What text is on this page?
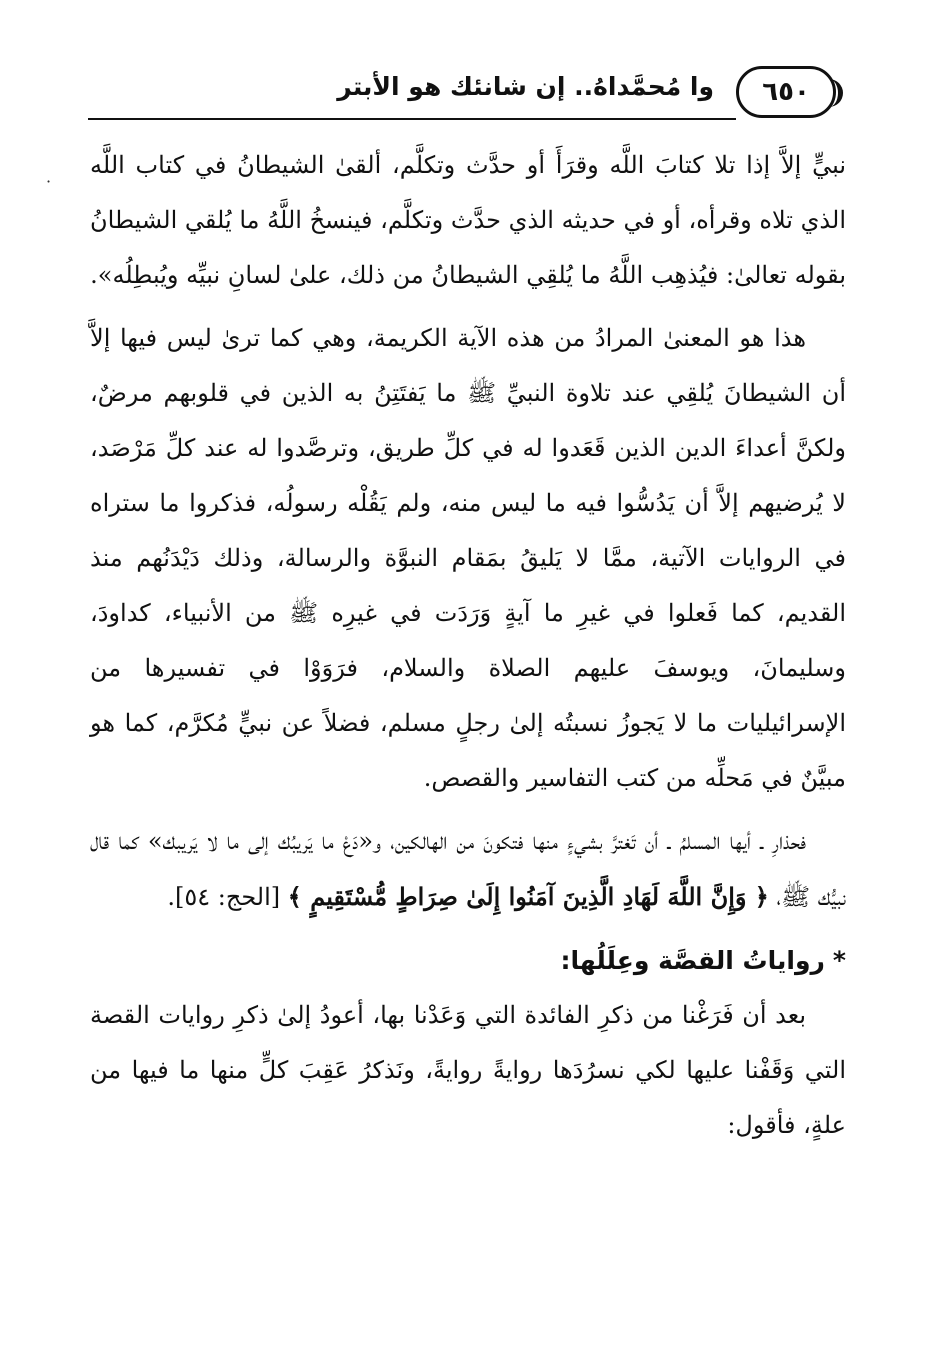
٦٥٠
وا مُحمَّداهُ.. إن شانئك هو الأبتر
·

نبيٍّ إلاَّ إذا تلا كتابَ اللَّه وقرَأَ أو حدَّث وتكلَّم، ألقىٰ الشيطانُ في كتاب اللَّه الذي تلاه وقرأه، أو في حديثه الذي حدَّث وتكلَّم، فينسخُ اللَّهُ ما يُلقي الشيطانُ بقوله تعالىٰ: فيُذهِب اللَّهُ ما يُلقِي الشيطانُ من ذلك، علىٰ لسانِ نبيِّه ويُبطِلُه».

هذا هو المعنىٰ المرادُ من هذه الآية الكريمة، وهي كما ترىٰ ليس فيها إلاَّ أن الشيطانَ يُلقِي عند تلاوة النبيِّ ﷺ ما يَفتَتِنُ به الذين في قلوبهم مرضٌ، ولكنَّ أعداءَ الدين الذين قَعَدوا له في كلِّ طريق، وترصَّدوا له عند كلِّ مَرْصَد، لا يُرضيهم إلاَّ أن يَدُسُّوا فيه ما ليس منه، ولم يَقُلْه رسولُه، فذكروا ما ستراه في الروايات الآتية، ممَّا لا يَليقُ بمَقام النبوَّة والرسالة، وذلك دَيْدَنُهم منذ القديم، كما فَعلوا في غيرِ ما آيةٍ وَرَدَت في غيرِه ﷺ من الأنبياء، كداودَ، وسليمانَ، ويوسفَ عليهم الصلاة والسلام، فرَوَوْا في تفسيرها من الإسرائيليات ما لا يَجوزُ نسبتُه إلىٰ رجلٍ مسلم، فضلاً عن نبيٍّ مُكرَّم، كما هو مبيَّنٌ في مَحلِّه من كتب التفاسير والقصص.

فحذارِ ـ أيها المسلمُ ـ أن تَغترَّ بشيءٍ منها فتكونَ من الهالكين، و«دَعْ ما يَريبُك إلى ما لا يَريبك» كما قال نبيُّك ﷺ، ﴿ وَإِنَّ اللَّهَ لَهَادِ الَّذِينَ آمَنُوا إِلَىٰ صِرَاطٍ مُّسْتَقِيمٍ ﴾ [الحج: ٥٤].

*رواياتُ القصَّة وعِلَلُها:

بعد أن فَرَغْنا من ذكرِ الفائدة التي وَعَدْنا بها، أعودُ إلىٰ ذكرِ روايات القصة التي وَقَفْنا عليها لكي نسرُدَها روايةً روايةً، ونَذكرُ عَقِبَ كلٍّ منها ما فيها من علةٍ، فأقول:
